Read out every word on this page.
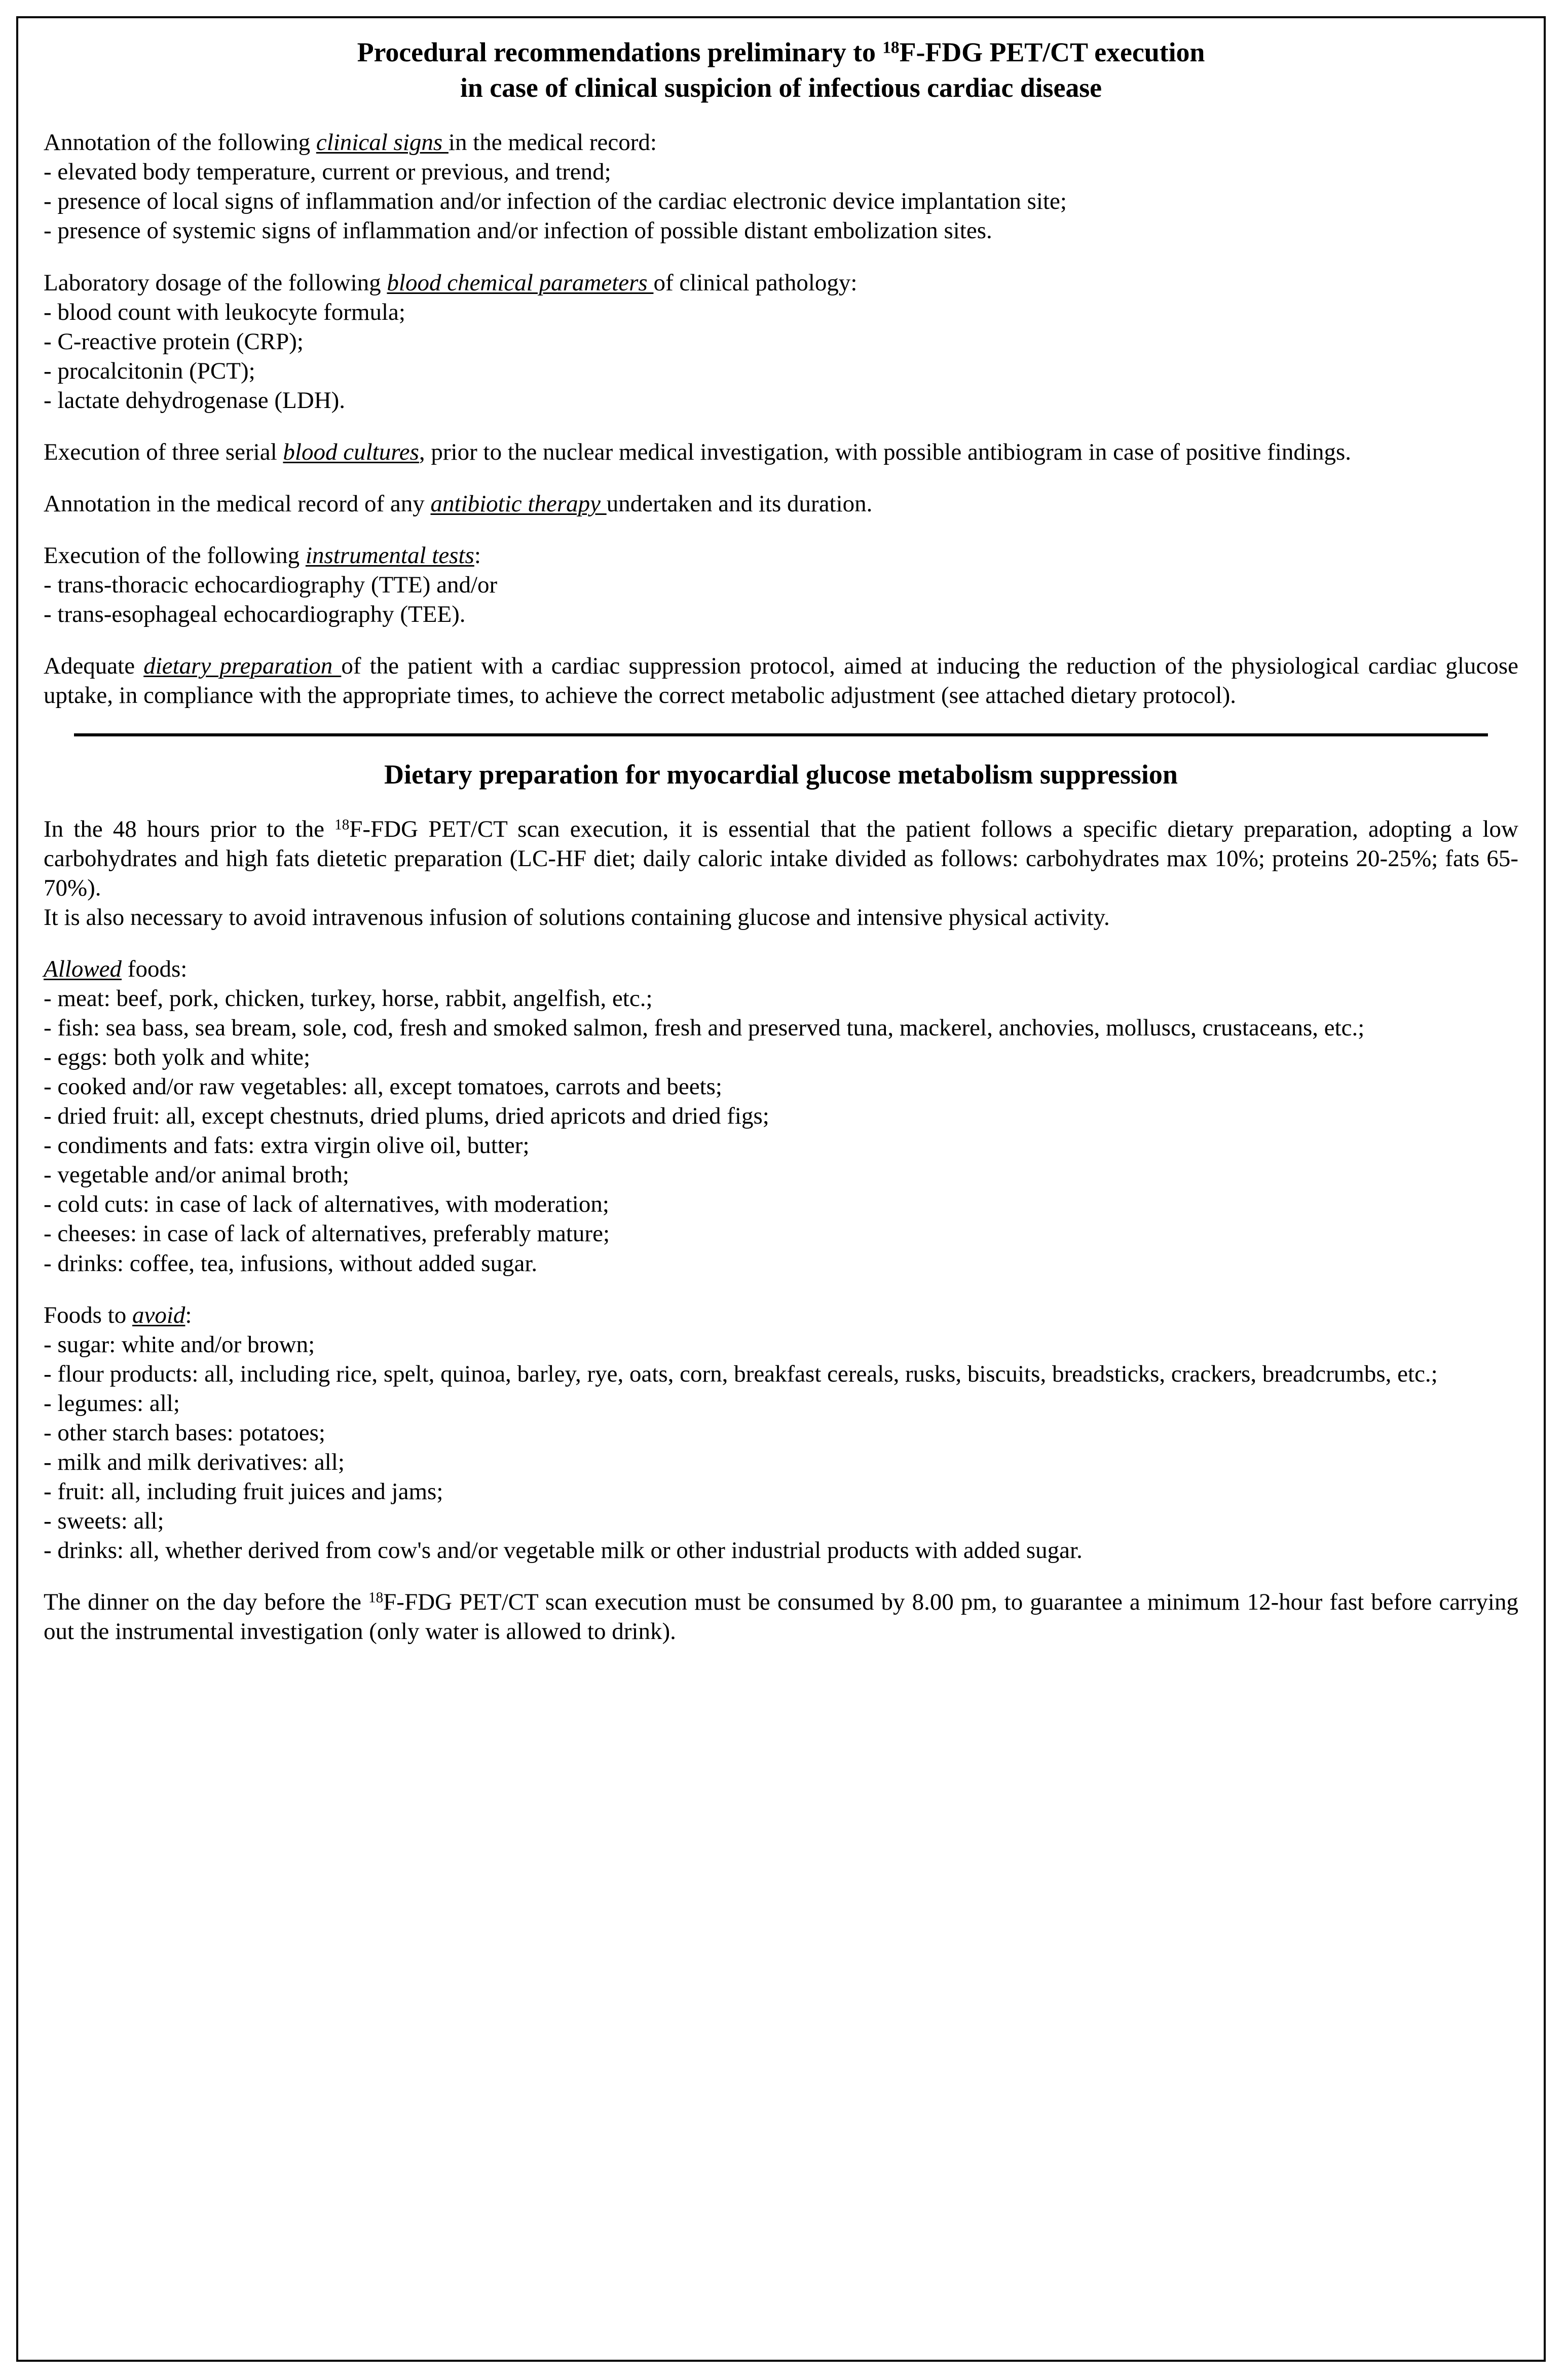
Procedural recommendations preliminary to $^{18}$F-FDG PET/CT execution
in case of clinical suspicion of infectious cardiac disease

Annotation of the following clinical signs in the medical record:

- elevated body temperature, current or previous, and trend;

- presence of local signs of inflammation and/or infection of the cardiac electronic device implantation site;

- presence of systemic signs of inflammation and/or infection of possible distant embolization sites.

Laboratory dosage of the following blood chemical parameters of clinical pathology:

- blood count with leukocyte formula;

- C-reactive protein (CRP);

- procalcitonin (PCT);

- lactate dehydrogenase (LDH).

Execution of three serial blood cultures, prior to the nuclear medical investigation, with possible antibiogram in case of positive findings.

Annotation in the medical record of any antibiotic therapy undertaken and its duration.

Execution of the following instrumental tests:

- trans-thoracic echocardiography (TTE) and/or

- trans-esophageal echocardiography (TEE).

Adequate dietary preparation of the patient with a cardiac suppression protocol, aimed at inducing the reduction of the physiological cardiac glucose uptake, in compliance with the appropriate times, to achieve the correct metabolic adjustment (see attached dietary protocol).

Dietary preparation for myocardial glucose metabolism suppression

In the 48 hours prior to the $^{18}$F-FDG PET/CT scan execution, it is essential that the patient follows a specific dietary preparation, adopting a low carbohydrates and high fats dietetic preparation (LC-HF diet; daily caloric intake divided as follows: carbohydrates max 10%; proteins 20-25%; fats 65-70%).

It is also necessary to avoid intravenous infusion of solutions containing glucose and intensive physical activity.

Allowed foods:

- meat: beef, pork, chicken, turkey, horse, rabbit, angelfish, etc.;

- fish: sea bass, sea bream, sole, cod, fresh and smoked salmon, fresh and preserved tuna, mackerel, anchovies, molluscs, crustaceans, etc.;

- eggs: both yolk and white;

- cooked and/or raw vegetables: all, except tomatoes, carrots and beets;

- dried fruit: all, except chestnuts, dried plums, dried apricots and dried figs;

- condiments and fats: extra virgin olive oil, butter;

- vegetable and/or animal broth;

- cold cuts: in case of lack of alternatives, with moderation;

- cheeses: in case of lack of alternatives, preferably mature;

- drinks: coffee, tea, infusions, without added sugar.

Foods to avoid:

- sugar: white and/or brown;

- flour products: all, including rice, spelt, quinoa, barley, rye, oats, corn, breakfast cereals, rusks, biscuits, breadsticks, crackers, breadcrumbs, etc.;

- legumes: all;

- other starch bases: potatoes;

- milk and milk derivatives: all;

- fruit: all, including fruit juices and jams;

- sweets: all;

- drinks: all, whether derived from cow's and/or vegetable milk or other industrial products with added sugar.

The dinner on the day before the $^{18}$F-FDG PET/CT scan execution must be consumed by 8.00 pm, to guarantee a minimum 12-hour fast before carrying out the instrumental investigation (only water is allowed to drink).
